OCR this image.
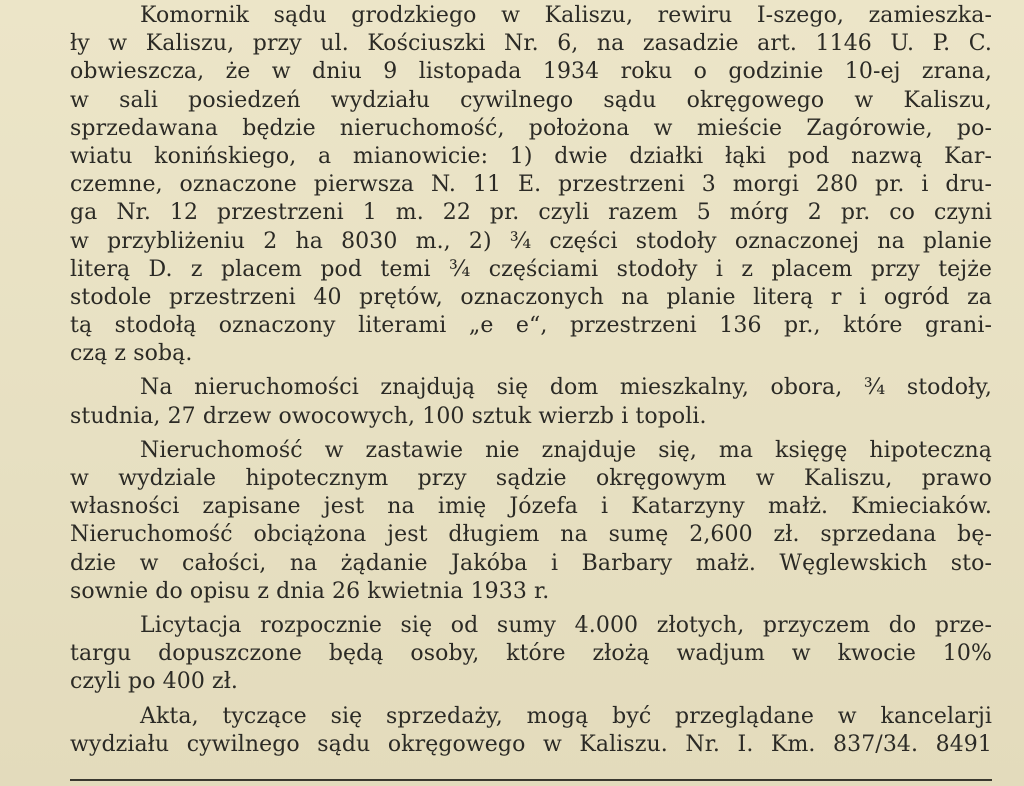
Komornik sądu grodzkiego w Kaliszu, rewiru I-szego, zamieszka-
ły w Kaliszu, przy ul. Kościuszki Nr. 6, na zasadzie art. 1146 U. P. C.
obwieszcza, że w dniu 9 listopada 1934 roku o godzinie 10-ej zrana,
w sali posiedzeń wydziału cywilnego sądu okręgowego w Kaliszu,
sprzedawana będzie nieruchomość, położona w mieście Zagórowie, po-
wiatu konińskiego, a mianowicie: 1) dwie działki łąki pod nazwą Kar-
czemne, oznaczone pierwsza N. 11 E. przestrzeni 3 morgi 280 pr. i dru-
ga Nr. 12 przestrzeni 1 m. 22 pr. czyli razem 5 mórg 2 pr. co czyni
w przybliżeniu 2 ha 8030 m., 2) ¾ części stodoły oznaczonej na planie
literą D. z placem pod temi ¾ częściami stodoły i z placem przy tejże
stodole przestrzeni 40 prętów, oznaczonych na planie literą r i ogród za
tą stodołą oznaczony literami „e e“, przestrzeni 136 pr., które grani-
czą z sobą.
Na nieruchomości znajdują się dom mieszkalny, obora, ¾ stodoły,
studnia, 27 drzew owocowych, 100 sztuk wierzb i topoli.
Nieruchomość w zastawie nie znajduje się, ma księgę hipoteczną
w wydziale hipotecznym przy sądzie okręgowym w Kaliszu, prawo
własności zapisane jest na imię Józefa i Katarzyny małż. Kmieciaków.
Nieruchomość obciążona jest długiem na sumę 2,600 zł. sprzedana bę-
dzie w całości, na żądanie Jakóba i Barbary małż. Węglewskich sto-
sownie do opisu z dnia 26 kwietnia 1933 r.
Licytacja rozpocznie się od sumy 4.000 złotych, przyczem do prze-
targu dopuszczone będą osoby, które złożą wadjum w kwocie 10%
czyli po 400 zł.
Akta, tyczące się sprzedaży, mogą być przeglądane w kancelarji
wydziału cywilnego sądu okręgowego w Kaliszu. Nr. I. Km. 837/34. 8491
